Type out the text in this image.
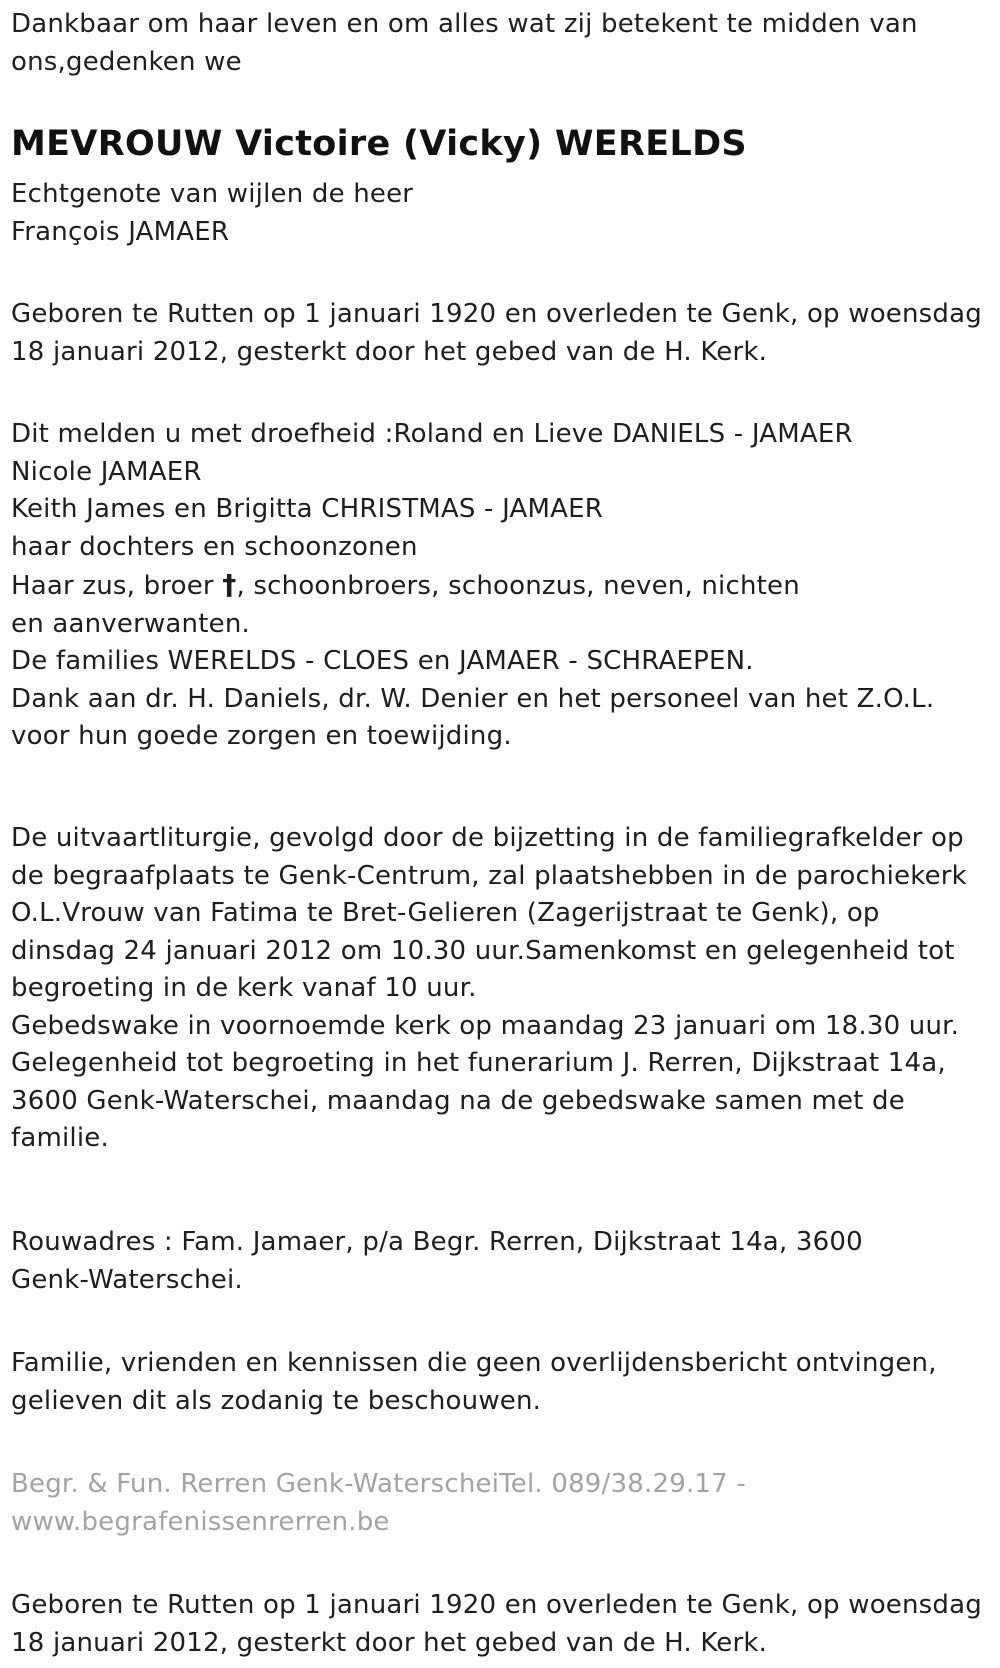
Dankbaar om haar leven en om alles wat zij betekent te midden van
ons,gedenken we

MEVROUW Victoire (Vicky) WERELDS

Echtgenote van wijlen de heer
François JAMAER

Geboren te Rutten op 1 januari 1920 en overleden te Genk, op woensdag
18 januari 2012, gesterkt door het gebed van de H. Kerk.

Dit melden u met droefheid :Roland en Lieve DANIELS - JAMAER
Nicole JAMAER
Keith James en Brigitta CHRISTMAS - JAMAER
haar dochters en schoonzonen
Haar zus, broer †, schoonbroers, schoonzus, neven, nichten
en aanverwanten.
De families WERELDS - CLOES en JAMAER - SCHRAEPEN.
Dank aan dr. H. Daniels, dr. W. Denier en het personeel van het Z.O.L.
voor hun goede zorgen en toewijding.

De uitvaartliturgie, gevolgd door de bijzetting in de familiegrafkelder op
de begraafplaats te Genk-Centrum, zal plaatshebben in de parochiekerk
O.L.Vrouw van Fatima te Bret-Gelieren (Zagerijstraat te Genk), op
dinsdag 24 januari 2012 om 10.30 uur.Samenkomst en gelegenheid tot
begroeting in de kerk vanaf 10 uur.
Gebedswake in voornoemde kerk op maandag 23 januari om 18.30 uur.
Gelegenheid tot begroeting in het funerarium J. Rerren, Dijkstraat 14a,
3600 Genk-Waterschei, maandag na de gebedswake samen met de
familie.

Rouwadres : Fam. Jamaer, p/a Begr. Rerren, Dijkstraat 14a, 3600
Genk-Waterschei.

Familie, vrienden en kennissen die geen overlijdensbericht ontvingen,
gelieven dit als zodanig te beschouwen.

Begr. & Fun. Rerren Genk-WaterscheiTel. 089/38.29.17 -
www.begrafenissenrerren.be

Geboren te Rutten op 1 januari 1920 en overleden te Genk, op woensdag
18 januari 2012, gesterkt door het gebed van de H. Kerk.
